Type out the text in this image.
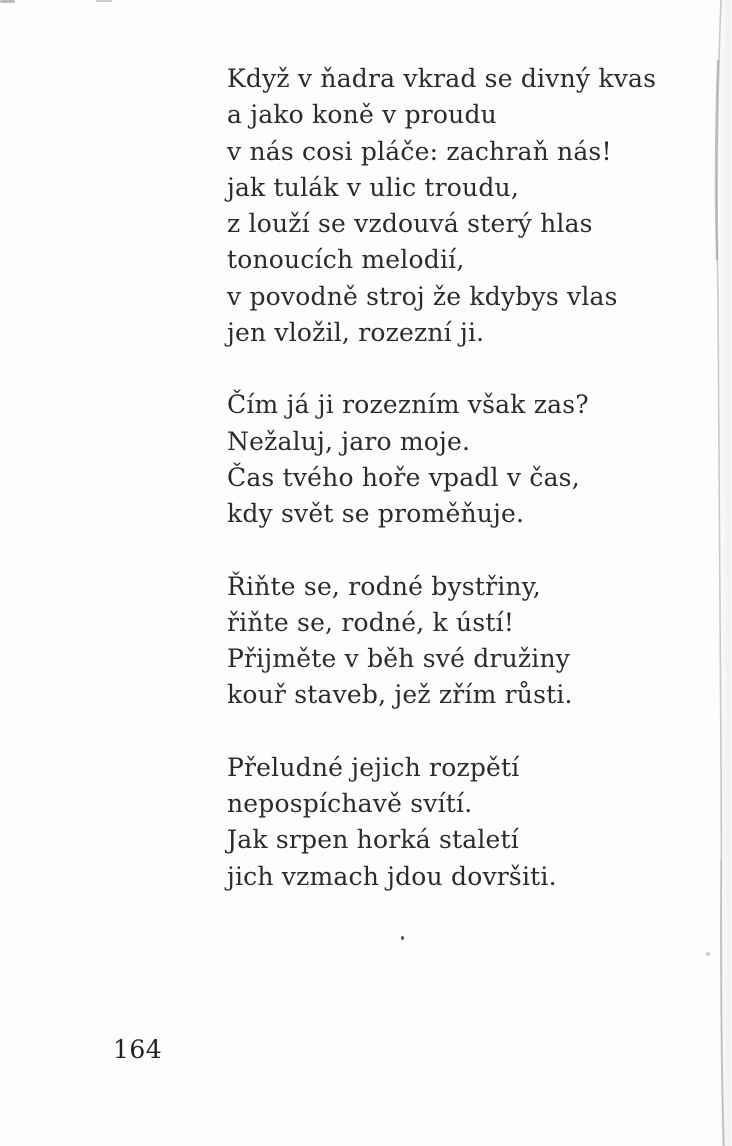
Když v ňadra vkrad se divný kvas
a jako koně v proudu
v nás cosi pláče: zachraň nás!
jak tulák v ulic troudu,
z louží se vzdouvá sterý hlas
tonoucích melodií,
v povodně stroj že kdybys vlas
jen vložil, rozezní ji.
Čím já ji rozezním však zas?
Nežaluj, jaro moje.
Čas tvého hoře vpadl v čas,
kdy svět se proměňuje.
Řiňte se, rodné bystřiny,
řiňte se, rodné, k ústí!
Přijměte v běh své družiny
kouř staveb, jež zřím růsti.
Přeludné jejich rozpětí
nepospíchavě svítí.
Jak srpen horká staletí
jich vzmach jdou dovršiti.
164
